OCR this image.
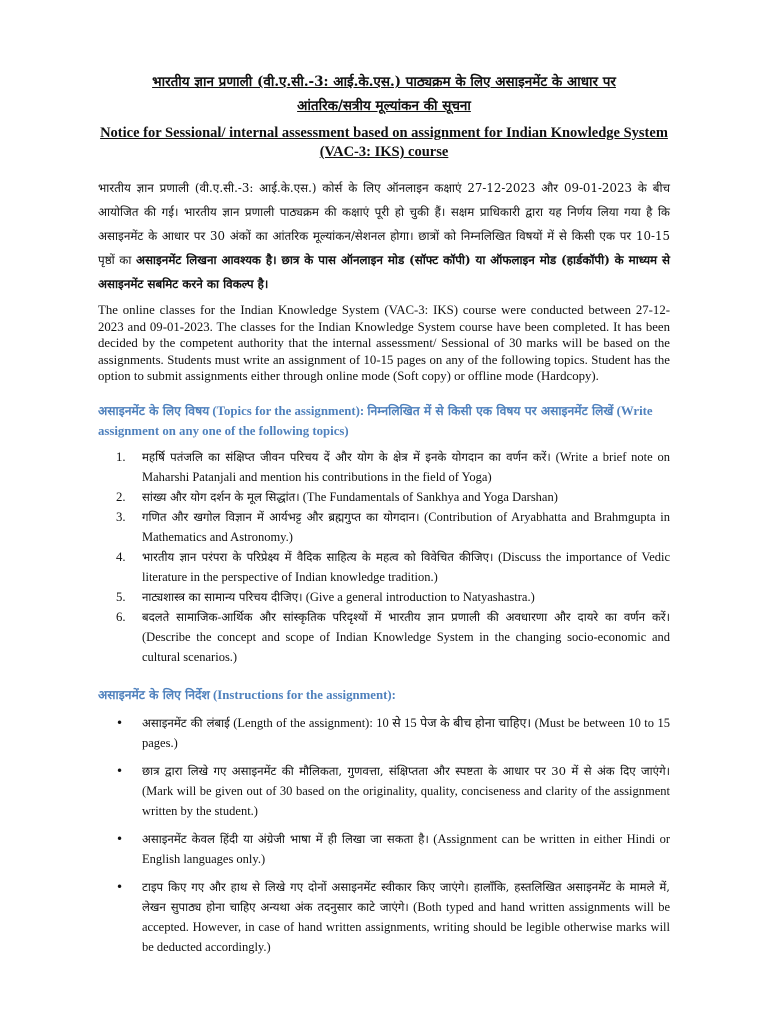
भारतीय ज्ञान प्रणाली (वी.ए.सी.-3: आई.के.एस.) पाठ्यक्रम के लिए असाइनमेंट के आधार पर
आंतरिक/सत्रीय मूल्यांकन की सूचना

Notice for Sessional/ internal assessment based on assignment for Indian Knowledge System (VAC-3: IKS) course

भारतीय ज्ञान प्रणाली (वी.ए.सी.-3: आई.के.एस.) कोर्स के लिए ऑनलाइन कक्षाएं 27-12-2023 और 09-01-2023 के बीच आयोजित की गई। भारतीय ज्ञान प्रणाली पाठ्यक्रम की कक्षाएं पूरी हो चुकी हैं। सक्षम प्राधिकारी द्वारा यह निर्णय लिया गया है कि असाइनमेंट के आधार पर 30 अंकों का आंतरिक मूल्यांकन/सेशनल होगा। छात्रों को निम्नलिखित विषयों में से किसी एक पर 10-15 पृष्ठों का असाइनमेंट लिखना आवश्यक है। छात्र के पास ऑनलाइन मोड (सॉफ्ट कॉपी) या ऑफलाइन मोड (हार्डकॉपी) के माध्यम से असाइनमेंट सबमिट करने का विकल्प है।

The online classes for the Indian Knowledge System (VAC-3: IKS) course were conducted between 27-12-2023 and 09-01-2023. The classes for the Indian Knowledge System course have been completed. It has been decided by the competent authority that the internal assessment/ Sessional of 30 marks will be based on the assignments. Students must write an assignment of 10-15 pages on any of the following topics. Student has the option to submit assignments either through online mode (Soft copy) or offline mode (Hardcopy).

असाइनमेंट के लिए विषय (Topics for the assignment): निम्नलिखित में से किसी एक विषय पर असाइनमेंट लिखें (Write assignment on any one of the following topics)

1. महर्षि पतंजलि का संक्षिप्त जीवन परिचय दें और योग के क्षेत्र में इनके योगदान का वर्णन करें। (Write a brief note on Maharshi Patanjali and mention his contributions in the field of Yoga)
2. सांख्य और योग दर्शन के मूल सिद्धांत। (The Fundamentals of Sankhya and Yoga Darshan)
3. गणित और खगोल विज्ञान में आर्यभट्ट और ब्रह्मगुप्त का योगदान। (Contribution of Aryabhatta and Brahmgupta in Mathematics and Astronomy.)
4. भारतीय ज्ञान परंपरा के परिप्रेक्ष्य में वैदिक साहित्य के महत्व को विवेचित कीजिए। (Discuss the importance of Vedic literature in the perspective of Indian knowledge tradition.)
5. नाट्यशास्त्र का सामान्य परिचय दीजिए। (Give a general introduction to Natyashastra.)
6. बदलते सामाजिक-आर्थिक और सांस्कृतिक परिदृश्यों में भारतीय ज्ञान प्रणाली की अवधारणा और दायरे का वर्णन करें। (Describe the concept and scope of Indian Knowledge System in the changing socio-economic and cultural scenarios.)

असाइनमेंट के लिए निर्देश (Instructions for the assignment):

• असाइनमेंट की लंबाई (Length of the assignment): 10 से 15 पेज के बीच होना चाहिए। (Must be between 10 to 15 pages.)
• छात्र द्वारा लिखे गए असाइनमेंट की मौलिकता, गुणवत्ता, संक्षिप्तता और स्पष्टता के आधार पर 30 में से अंक दिए जाएंगे। (Mark will be given out of 30 based on the originality, quality, conciseness and clarity of the assignment written by the student.)
• असाइनमेंट केवल हिंदी या अंग्रेजी भाषा में ही लिखा जा सकता है। (Assignment can be written in either Hindi or English languages only.)
• टाइप किए गए और हाथ से लिखे गए दोनों असाइनमेंट स्वीकार किए जाएंगे। हालाँकि, हस्तलिखित असाइनमेंट के मामले में, लेखन सुपाठ्य होना चाहिए अन्यथा अंक तदनुसार काटे जाएंगे। (Both typed and hand written assignments will be accepted. However, in case of hand written assignments, writing should be legible otherwise marks will be deducted accordingly.)
